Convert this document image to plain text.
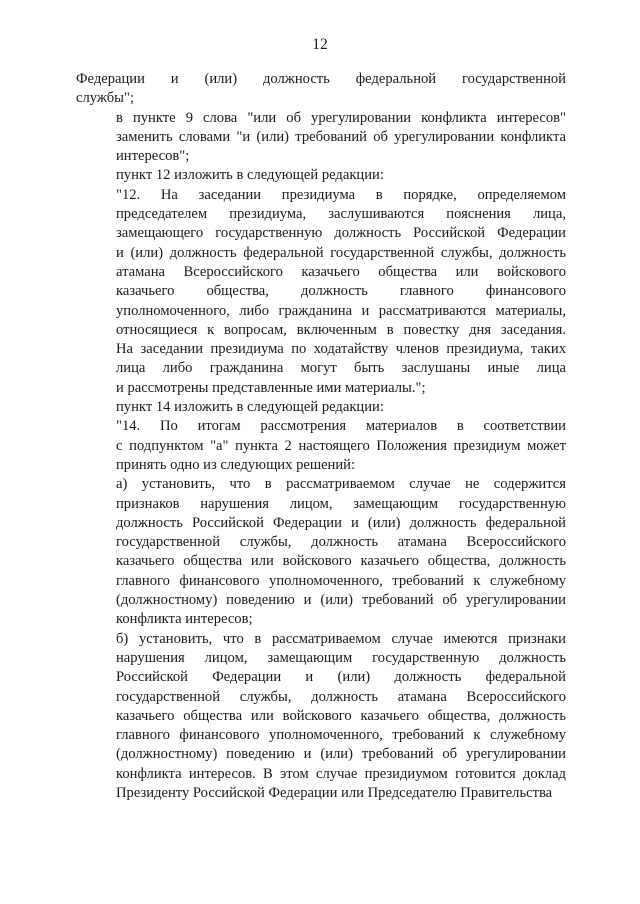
12
Федерации и (или) должность федеральной государственной
службы";
в пункте 9 слова "или об урегулировании конфликта интересов"
заменить словами "и (или) требований об урегулировании конфликта
интересов";
пункт 12 изложить в следующей редакции:
"12. На заседании президиума в порядке, определяемом
председателем президиума, заслушиваются пояснения лица,
замещающего государственную должность Российской Федерации
и (или) должность федеральной государственной службы, должность
атамана Всероссийского казачьего общества или войскового
казачьего общества, должность главного финансового
уполномоченного, либо гражданина и рассматриваются материалы,
относящиеся к вопросам, включенным в повестку дня заседания.
На заседании президиума по ходатайству членов президиума, таких
лица либо гражданина могут быть заслушаны иные лица
и рассмотрены представленные ими материалы.";
пункт 14 изложить в следующей редакции:
"14. По итогам рассмотрения материалов в соответствии
с подпунктом "а" пункта 2 настоящего Положения президиум может
принять одно из следующих решений:
а) установить, что в рассматриваемом случае не содержится
признаков нарушения лицом, замещающим государственную
должность Российской Федерации и (или) должность федеральной
государственной службы, должность атамана Всероссийского
казачьего общества или войскового казачьего общества, должность
главного финансового уполномоченного, требований к служебному
(должностному) поведению и (или) требований об урегулировании
конфликта интересов;
б) установить, что в рассматриваемом случае имеются признаки
нарушения лицом, замещающим государственную должность
Российской Федерации и (или) должность федеральной
государственной службы, должность атамана Всероссийского
казачьего общества или войскового казачьего общества, должность
главного финансового уполномоченного, требований к служебному
(должностному) поведению и (или) требований об урегулировании
конфликта интересов. В этом случае президиумом готовится доклад
Президенту Российской Федерации или Председателю Правительства
